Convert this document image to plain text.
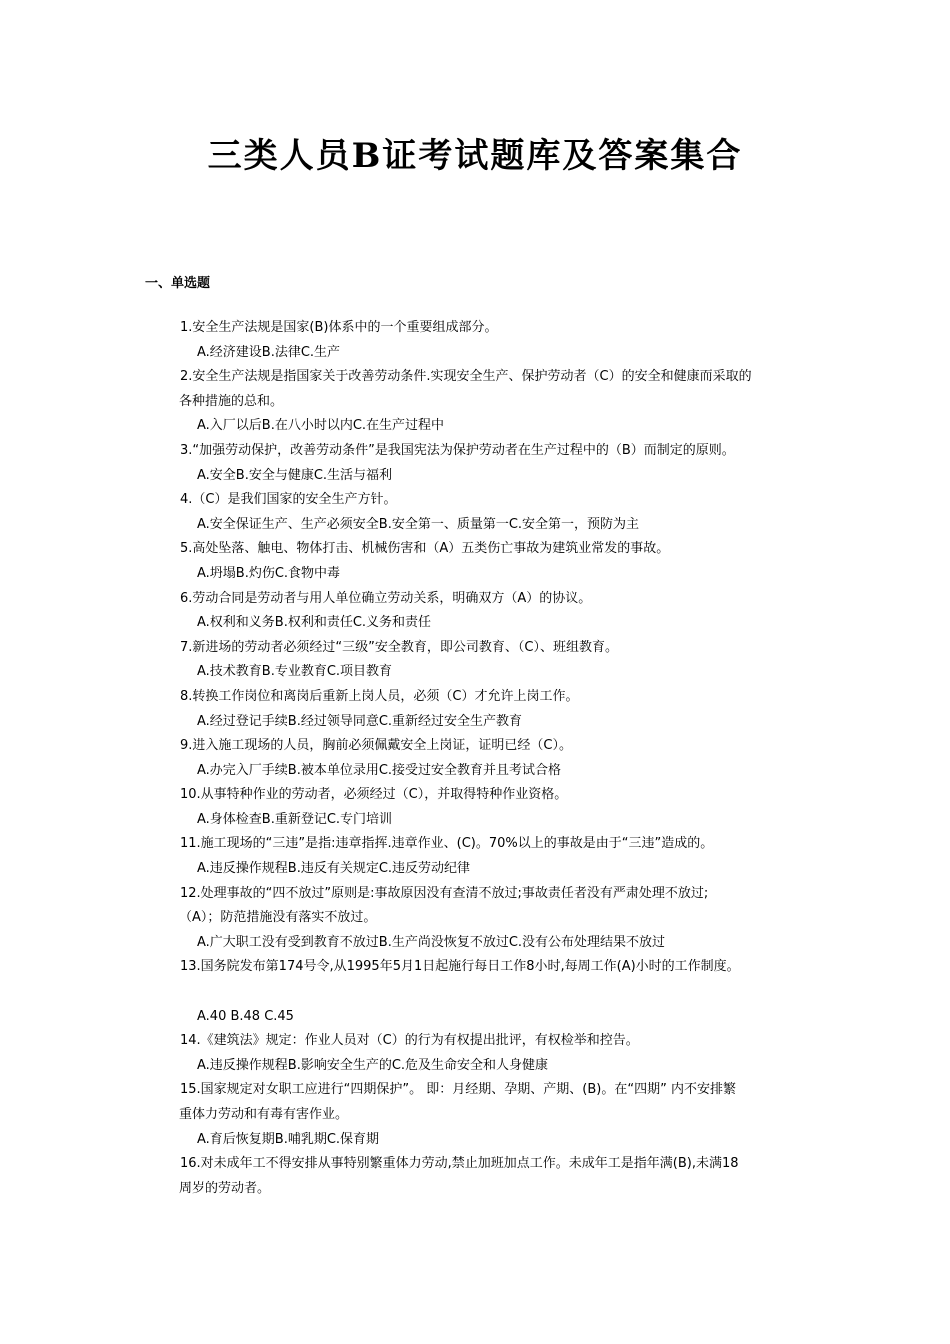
三类人员B证考试题库及答案集合
一、单选题
1.安全生产法规是国家(B)体系中的一个重要组成部分。
A.经济建设B.法律C.生产
2.安全生产法规是指国家关于改善劳动条件.实现安全生产、保护劳动者（C）的安全和健康而采取的
各种措施的总和。
A.入厂以后B.在八小时以内C.在生产过程中
3.“加强劳动保护，改善劳动条件”是我国宪法为保护劳动者在生产过程中的（B）而制定的原则。
A.安全B.安全与健康C.生活与福利
4.（C）是我们国家的安全生产方针。
A.安全保证生产、生产必须安全B.安全第一、质量第一C.安全第一，预防为主
5.高处坠落、触电、物体打击、机械伤害和（A）五类伤亡事故为建筑业常发的事故。
A.坍塌B.灼伤C.食物中毒
6.劳动合同是劳动者与用人单位确立劳动关系，明确双方（A）的协议。
A.权利和义务B.权利和责任C.义务和责任
7.新进场的劳动者必须经过“三级”安全教育，即公司教育、（C）、班组教育。
A.技术教育B.专业教育C.项目教育
8.转换工作岗位和离岗后重新上岗人员，必须（C）才允许上岗工作。
A.经过登记手续B.经过领导同意C.重新经过安全生产教育
9.进入施工现场的人员，胸前必须佩戴安全上岗证，证明已经（C）。
A.办完入厂手续B.被本单位录用C.接受过安全教育并且考试合格
10.从事特种作业的劳动者，必须经过（C），并取得特种作业资格。
A.身体检查B.重新登记C.专门培训
11.施工现场的“三违”是指:违章指挥.违章作业、(C)。70%以上的事故是由于“三违”造成的。
A.违反操作规程B.违反有关规定C.违反劳动纪律
12.处理事故的“四不放过”原则是:事故原因没有查清不放过;事故责任者没有严肃处理不放过;
（A）；防范措施没有落实不放过。
A.广大职工没有受到教育不放过B.生产尚没恢复不放过C.没有公布处理结果不放过
13.国务院发布第174号令,从1995年5月1日起施行每日工作8小时,每周工作(A)小时的工作制度。
A.40 B.48 C.45
14.《建筑法》规定：作业人员对（C）的行为有权提出批评，有权检举和控告。
A.违反操作规程B.影响安全生产的C.危及生命安全和人身健康
15.国家规定对女职工应进行“四期保护”。 即：月经期、孕期、产期、(B)。在“四期” 内不安排繁
重体力劳动和有毒有害作业。
A.育后恢复期B.哺乳期C.保育期
16.对未成年工不得安排从事特别繁重体力劳动,禁止加班加点工作。未成年工是指年满(B),未满18
周岁的劳动者。
